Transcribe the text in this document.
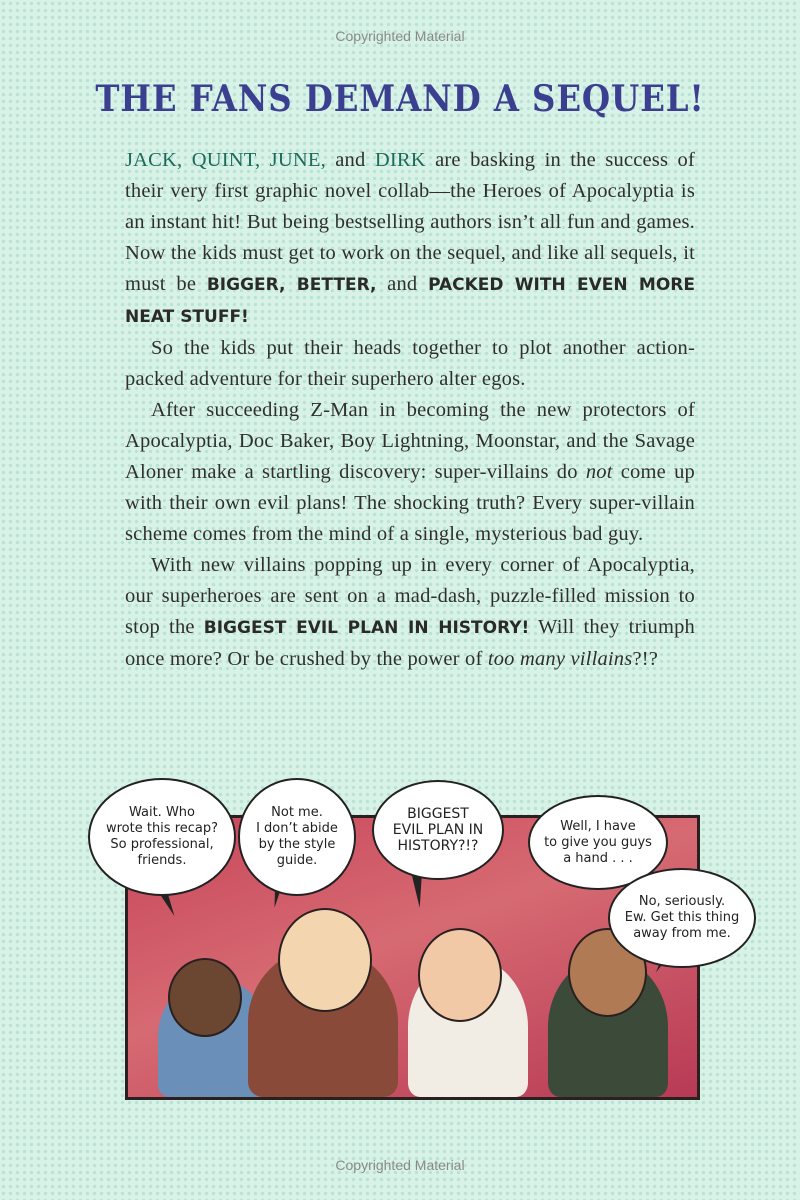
Copyrighted Material
THE FANS DEMAND A SEQUEL!

JACK, QUINT, JUNE, and DIRK are basking in the success of their very first graphic novel collab—the Heroes of Apocalyptia is an instant hit! But being bestselling authors isn’t all fun and games. Now the kids must get to work on the sequel, and like all sequels, it must be BIGGER, BETTER, and PACKED WITH EVEN MORE NEAT STUFF!

So the kids put their heads together to plot another action-packed adventure for their superhero alter egos.

After succeeding Z-Man in becoming the new protectors of Apocalyptia, Doc Baker, Boy Lightning, Moonstar, and the Savage Aloner make a startling discovery: super-villains do not come up with their own evil plans! The shocking truth? Every super-villain scheme comes from the mind of a single, mysterious bad guy.

With new villains popping up in every corner of Apocalyptia, our superheroes are sent on a mad-dash, puzzle-filled mission to stop the BIGGEST EVIL PLAN IN HISTORY! Will they triumph once more? Or be crushed by the power of too many villains?!?

Wait. Who
wrote this recap?
So professional,
friends.
Not me.
I don’t abide
by the style
guide.
BIGGEST
EVIL PLAN IN
HISTORY?!?
Well, I have
to give you guys
a hand . . .
No, seriously.
Ew. Get this thing
away from me.
Copyrighted Material
